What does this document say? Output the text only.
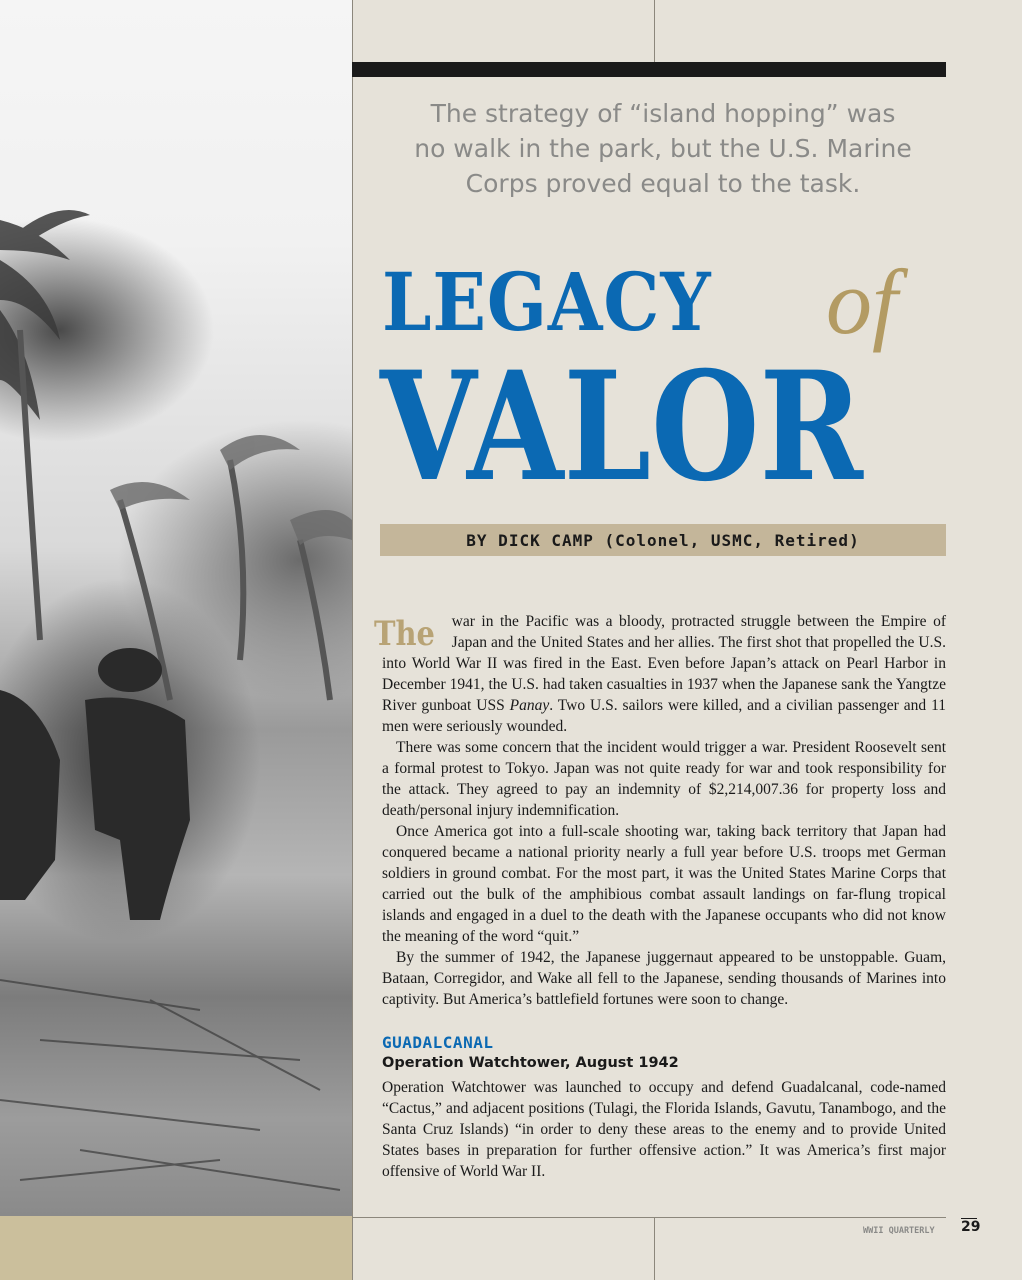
The strategy of “island hopping” was
no walk in the park, but the U.S. Marine
Corps proved equal to the task.
LEGACY of
VALOR
BY DICK CAMP (Colonel, USMC, Retired)

The war in the Pacific was a bloody, protracted struggle between the Empire of Japan and the United States and her allies. The first shot that propelled the U.S. into World War II was fired in the East. Even before Japan’s attack on Pearl Harbor in December 1941, the U.S. had taken casualties in 1937 when the Japanese sank the Yangtze River gunboat USS Panay. Two U.S. sailors were killed, and a civilian passenger and 11 men were seriously wounded.

There was some concern that the incident would trigger a war. President Roosevelt sent a formal protest to Tokyo. Japan was not quite ready for war and took responsibility for the attack. They agreed to pay an indemnity of $2,214,007.36 for property loss and death/personal injury indemnification.

Once America got into a full-scale shooting war, taking back territory that Japan had conquered became a national priority nearly a full year before U.S. troops met German soldiers in ground combat. For the most part, it was the United States Marine Corps that carried out the bulk of the amphibious combat assault landings on far-flung tropical islands and engaged in a duel to the death with the Japanese occupants who did not know the meaning of the word “quit.”

By the summer of 1942, the Japanese juggernaut appeared to be unstoppable. Guam, Bataan, Corregidor, and Wake all fell to the Japanese, sending thousands of Marines into captivity. But America’s battlefield fortunes were soon to change.

GUADALCANAL
Operation Watchtower, August 1942
Operation Watchtower was launched to occupy and defend Guadalcanal, code-named “Cactus,” and adjacent positions (Tulagi, the Florida Islands, Gavutu, Tanambogo, and the Santa Cruz Islands) “in order to deny these areas to the enemy and to provide United States bases in preparation for further offensive action.” It was America’s first major offensive of World War II.
WWII QUARTERLY 29
